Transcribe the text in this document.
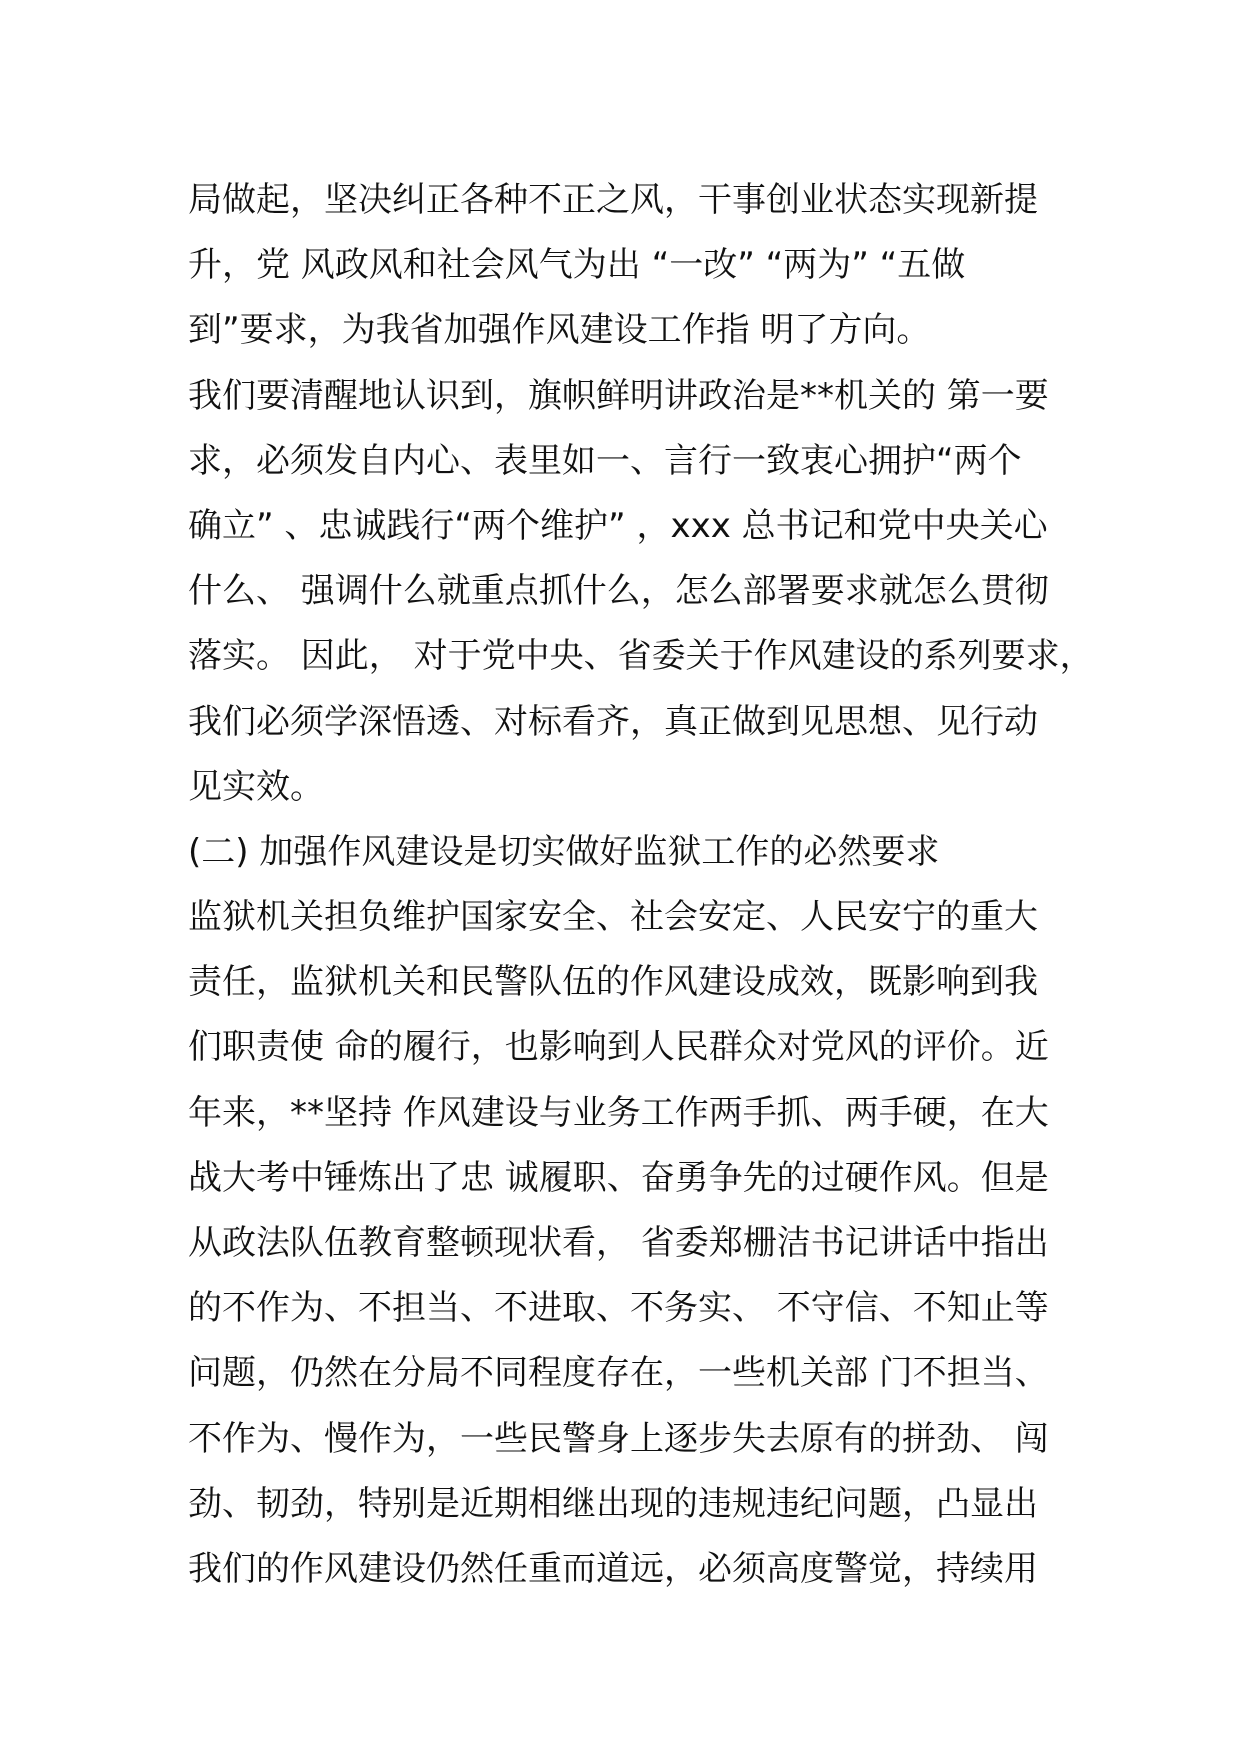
局做起，坚决纠正各种不正之风，干事创业状态实现新提
升，党 风政风和社会风气为出 “一改” “两为” “五做
到”要求，为我省加强作风建设工作指 明了方向。
我们要清醒地认识到，旗帜鲜明讲政治是**机关的 第一要
求，必须发自内心、表里如一、言行一致衷心拥护“两个
确立” 、忠诚践行“两个维护” ，xxx 总书记和党中央关心
什么、 强调什么就重点抓什么，怎么部署要求就怎么贯彻
落实。 因此， 对于党中央、省委关于作风建设的系列要求，
我们必须学深悟透、对标看齐，真正做到见思想、见行动
见实效。
(二) 加强作风建设是切实做好监狱工作的必然要求
监狱机关担负维护国家安全、社会安定、人民安宁的重大
责任，监狱机关和民警队伍的作风建设成效，既影响到我
们职责使 命的履行，也影响到人民群众对党风的评价。近
年来，**坚持 作风建设与业务工作两手抓、两手硬，在大
战大考中锤炼出了忠 诚履职、奋勇争先的过硬作风。但是
从政法队伍教育整顿现状看， 省委郑栅洁书记讲话中指出
的不作为、不担当、不进取、不务实、 不守信、不知止等
问题，仍然在分局不同程度存在，一些机关部 门不担当、
不作为、慢作为，一些民警身上逐步失去原有的拼劲、 闯
劲、韧劲，特别是近期相继出现的违规违纪问题，凸显出
我们的作风建设仍然任重而道远，必须高度警觉，持续用
